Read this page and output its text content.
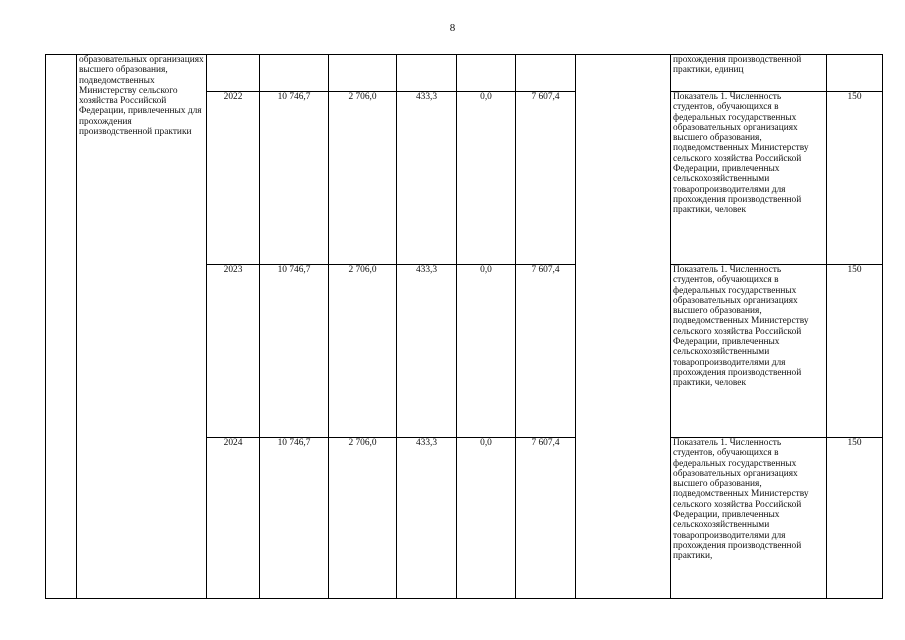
8
	образовательных организациях высшего образования, подведомственных Министерству сельского хозяйства Российской Федерации, привлеченных для прохождения производственной практики								прохождения производственной практики, единиц	
		2022	10 746,7	2 706,0	433,3	0,0	7 607,4		Показатель 1. Численность студентов, обучающихся в федеральных государственных образовательных организациях высшего образования, подведомственных Министерству сельского хозяйства Российской Федерации, привлеченных сельскохозяйственными товаропроизводителями для прохождения производственной практики, человек	150
		2023	10 746,7	2 706,0	433,3	0,0	7 607,4		Показатель 1. Численность студентов, обучающихся в федеральных государственных образовательных организациях высшего образования, подведомственных Министерству сельского хозяйства Российской Федерации, привлеченных сельскохозяйственными товаропроизводителями для прохождения производственной практики, человек	150
		2024	10 746,7	2 706,0	433,3	0,0	7 607,4		Показатель 1. Численность студентов, обучающихся в федеральных государственных образовательных организациях высшего образования, подведомственных Министерству сельского хозяйства Российской Федерации, привлеченных сельскохозяйственными товаропроизводителями для прохождения производственной практики,	150
